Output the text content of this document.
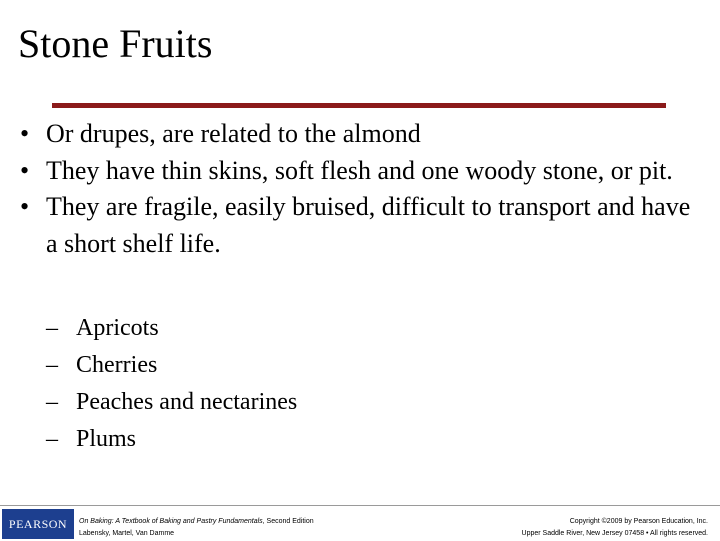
Stone Fruits
• Or drupes, are related to the almond
• They have thin skins, soft flesh and one woody stone, or pit.
• They are fragile, easily bruised, difficult to transport and have a short shelf life.
– Apricots
– Cherries
– Peaches and nectarines
– Plums
PEARSON On Baking: A Textbook of Baking and Pastry Fundamentals, Second Edition
Labensky, Martel, Van Damme
Copyright ©2009 by Pearson Education, Inc.
Upper Saddle River, New Jersey 07458 • All rights reserved.
